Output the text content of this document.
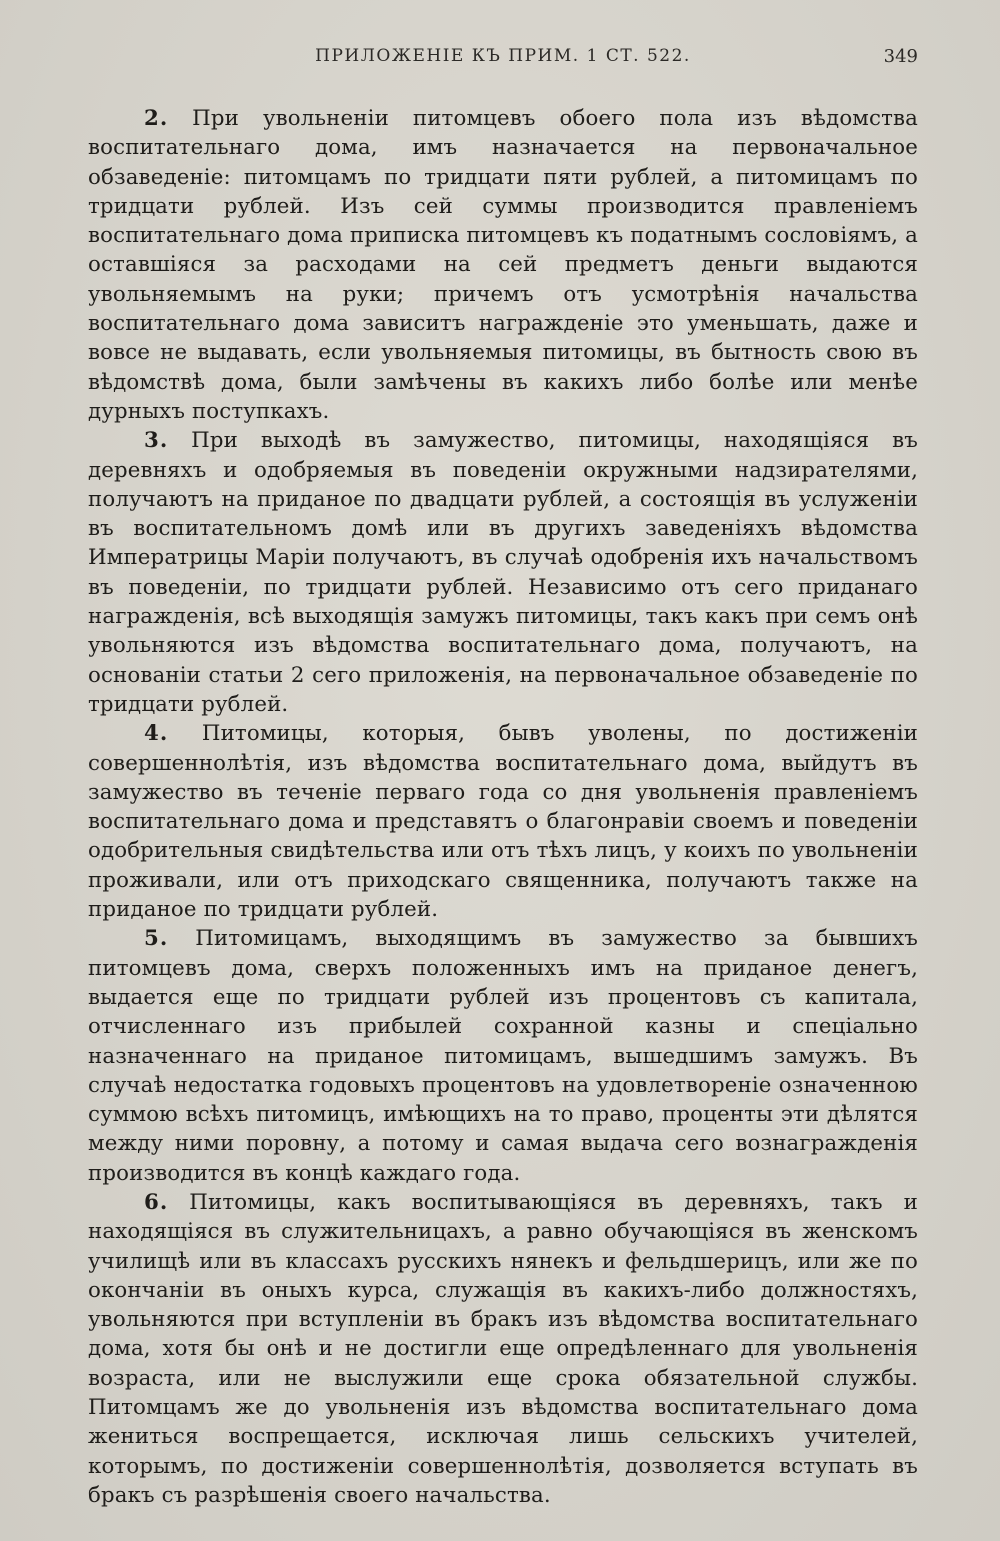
ПРИЛОЖЕНІЕ КЪ ПРИМ. 1 СТ. 522.	349

2. При увольненіи питомцевъ обоего пола изъ вѣдомства воспитательнаго дома, имъ назначается на первоначальное обзаведеніе: питомцамъ по тридцати пяти рублей, а питомицамъ по тридцати рублей. Изъ сей суммы производится правленіемъ воспитательнаго дома приписка питомцевъ къ податнымъ сословіямъ, а оставшіяся за расходами на сей предметъ деньги выдаются увольняемымъ на руки; причемъ отъ усмотрѣнія начальства воспитательнаго дома зависитъ награжденіе это уменьшать, даже и вовсе не выдавать, если увольняемыя питомицы, въ бытность свою въ вѣдомствѣ дома, были замѣчены въ какихъ либо болѣе или менѣе дурныхъ поступкахъ.

3. При выходѣ въ замужество, питомицы, находящіяся въ деревняхъ и одобряемыя въ поведеніи окружными надзирателями, получаютъ на приданое по двадцати рублей, а состоящія въ услуженіи въ воспитательномъ домѣ или въ другихъ заведеніяхъ вѣдомства Императрицы Маріи получаютъ, въ случаѣ одобренія ихъ начальствомъ въ поведеніи, по тридцати рублей. Независимо отъ сего приданаго награжденія, всѣ выходящія замужъ питомицы, такъ какъ при семъ онѣ увольняются изъ вѣдомства воспитательнаго дома, получаютъ, на основаніи статьи 2 сего приложенія, на первоначальное обзаведеніе по тридцати рублей.

4. Питомицы, которыя, бывъ уволены, по достиженіи совершеннолѣтія, изъ вѣдомства воспитательнаго дома, выйдутъ въ замужество въ теченіе перваго года со дня увольненія правленіемъ воспитательнаго дома и представятъ о благонравіи своемъ и поведеніи одобрительныя свидѣтельства или отъ тѣхъ лицъ, у коихъ по увольненіи проживали, или отъ приходскаго священника, получаютъ также на приданое по тридцати рублей.

5. Питомицамъ, выходящимъ въ замужество за бывшихъ питомцевъ дома, сверхъ положенныхъ имъ на приданое денегъ, выдается еще по тридцати рублей изъ процентовъ съ капитала, отчисленнаго изъ прибылей сохранной казны и спеціально назначеннаго на приданое питомицамъ, вышедшимъ замужъ. Въ случаѣ недостатка годовыхъ процентовъ на удовлетвореніе означенною суммою всѣхъ питомицъ, имѣющихъ на то право, проценты эти дѣлятся между ними поровну, а потому и самая выдача сего вознагражденія производится въ концѣ каждаго года.

6. Питомицы, какъ воспитывающіяся въ деревняхъ, такъ и находящіяся въ служительницахъ, а равно обучающіяся въ женскомъ училищѣ или въ классахъ русскихъ нянекъ и фельдшерицъ, или же по окончаніи въ оныхъ курса, служащія въ какихъ-либо должностяхъ, увольняются при вступленіи въ бракъ изъ вѣдомства воспитательнаго дома, хотя бы онѣ и не достигли еще опредѣленнаго для увольненія возраста, или не выслужили еще срока обязательной службы. Питомцамъ же до увольненія изъ вѣдомства воспитательнаго дома жениться воспрещается, исключая лишь сельскихъ учителей, которымъ, по достиженіи совершеннолѣтія, дозволяется вступать въ бракъ съ разрѣшенія своего начальства.
